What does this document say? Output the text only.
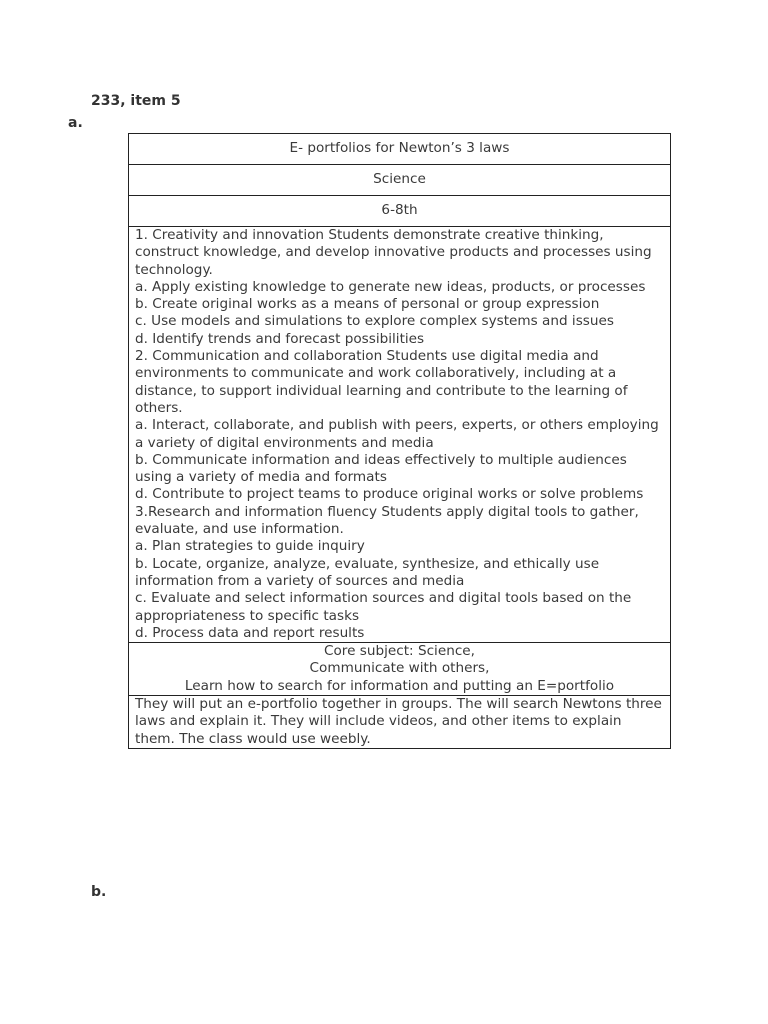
233, item 5
a.
E- portfolios for Newton’s 3 laws
Science
6-8th

1. Creativity and innovation Students demonstrate creative thinking, construct knowledge, and develop innovative products and processes using technology.
a. Apply existing knowledge to generate new ideas, products, or processes
b. Create original works as a means of personal or group expression
c. Use models and simulations to explore complex systems and issues
d. Identify trends and forecast possibilities
2. Communication and collaboration Students use digital media and environments to communicate and work collaboratively, including at a distance, to support individual learning and contribute to the learning of others.
a. Interact, collaborate, and publish with peers, experts, or others employing a variety of digital environments and media
b. Communicate information and ideas effectively to multiple audiences using a variety of media and formats
d. Contribute to project teams to produce original works or solve problems
3.Research and information fluency Students apply digital tools to gather, evaluate, and use information.
a. Plan strategies to guide inquiry
b. Locate, organize, analyze, evaluate, synthesize, and ethically use information from a variety of sources and media
c. Evaluate and select information sources and digital tools based on the appropriateness to specific tasks
d. Process data and report results

Core subject: Science,
Communicate with others,
Learn how to search for information and putting an E=portfolio

They will put an e-portfolio together in groups. The will search Newtons three laws and explain it. They will include videos, and other items to explain them. The class would use weebly.
b.
